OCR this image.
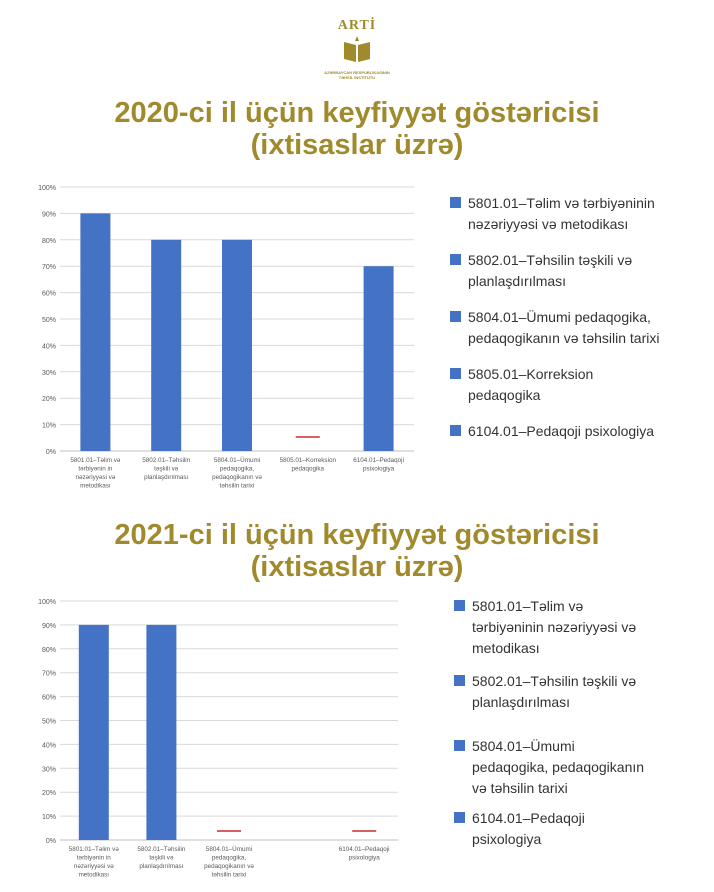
ARTİ
AZƏRBAYCAN RESPUBLİKASININ
TƏHSİL İNSTİTUTU
2020-ci il üçün keyfiyyət göstəricisi
(ixtisaslar üzrə)
2021-ci il üçün keyfiyyət göstəricisi
(ixtisaslar üzrə)
0%
10%
20%
30%
40%
50%
60%
70%
80%
90%
100%
5801.01–Təlim və
tərbiyənin in
nəzəriyyəsi və
metodikası
5802.01–Təhsilin
təşkili və
planlaşdırılması
5804.01–Ümumi
pedaqogika,
pedaqogikanın və
təhsilin tarixi
5805.01–Korreksion
pedaqogika
6104.01–Pedaqoji
psixologiya
0%
10%
20%
30%
40%
50%
60%
70%
80%
90%
100%
5801.01–Təlim və
tərbiyənin in
nəzəriyyəsi və
metodikası
5802.01–Təhsilin
təşkili və
planlaşdırılması
5804.01–Ümumi
pedaqogika,
pedaqogikanın və
təhsilin tarixi
6104.01–Pedaqoji
psixologiya
5801.01–Təlim və tərbiyəninin
nəzəriyyəsi və metodikası
5802.01–Təhsilin təşkili və
planlaşdırılması
5804.01–Ümumi pedaqogika,
pedaqogikanın və təhsilin tarixi
5805.01–Korreksion
pedaqogika
6104.01–Pedaqoji psixologiya
5801.01–Təlim və
tərbiyəninin nəzəriyyəsi və
metodikası
5802.01–Təhsilin təşkili və
planlaşdırılması
5804.01–Ümumi
pedaqogika, pedaqogikanın
və təhsilin tarixi
6104.01–Pedaqoji
psixologiya
